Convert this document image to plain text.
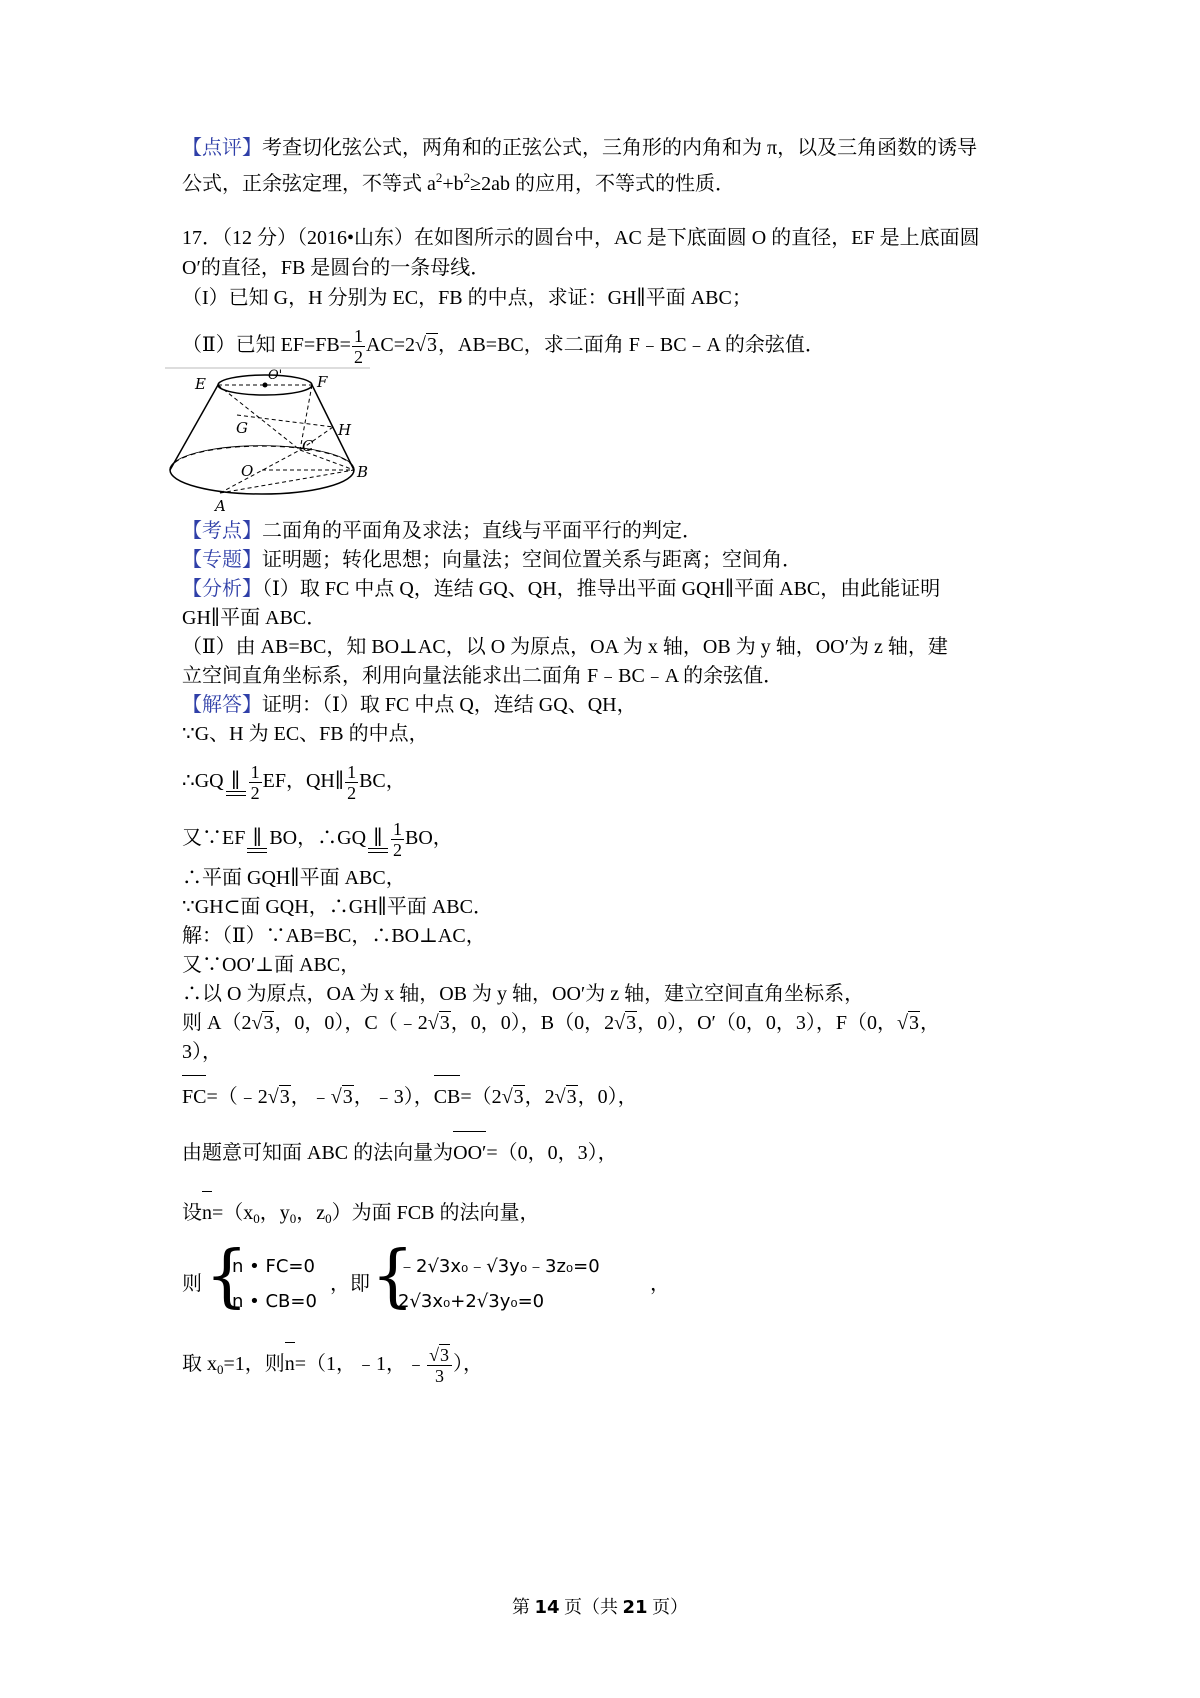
【点评】考查切化弦公式，两角和的正弦公式，三角形的内角和为 π，以及三角函数的诱导
公式，正余弦定理，不等式 $a^2+b^2\ge 2ab$ 的应用，不等式的性质．
17．（12 分）（2016•山东）在如图所示的圆台中，AC 是下底面圆 O 的直径，EF 是上底面圆
O′的直径，FB 是圆台的一条母线．
（I）已知 G，H 分别为 EC，FB 的中点，求证：GH∥平面 ABC；
（Ⅱ）已知 $EF=FB= \frac{1}{2} AC=2√3$，AB=BC，求二面角 F﹣BC﹣A 的余弦值．
E	O' F
G	H
C
O	B
A
【考点】二面角的平面角及求法；直线与平面平行的判定．
【专题】证明题；转化思想；向量法；空间位置关系与距离；空间角．
【分析】（Ⅰ）取 FC 中点 Q，连结 GQ、QH，推导出平面 GQH∥平面 ABC，由此能证明
GH∥平面 ABC．
（Ⅱ）由 AB=BC，知 BO⊥AC，以 O 为原点，OA 为 x 轴，OB 为 y 轴，OO′为 z 轴，建
立空间直角坐标系，利用向量法能求出二面角 F﹣BC﹣A 的余弦值．
【解答】证明：（Ⅰ）取 FC 中点 Q，连结 GQ、QH，
∵G、H 为 EC、FB 的中点，
∴GQ ∥ $\frac{1}{2}$ EF，QH∥ $\frac{1}{2}$ BC，
又∵EF ∥ BO，∴GQ ∥ $\frac{1}{2}$ BO，
∴平面 GQH∥平面 ABC，
∵GH⊂面 GQH，∴GH∥平面 ABC．
解：（Ⅱ）∵AB=BC，∴BO⊥AC，
又∵OO′⊥面 ABC，
∴以 O 为原点，OA 为 x 轴，OB 为 y 轴，OO′为 z 轴，建立空间直角坐标系，
则 A（2√3，0，0），C（﹣2√3，0，0），B（0，2√3，0），O′（0，0，3），F（0，√3，
3），
FC
=（﹣2√3，﹣√3，﹣3），CB
=（2√3，2√3，0），
由题意可知面 ABC 的法向量为OO′
=（0，0，3），
设n
$=(x_0$，$y_0$，$z_0$）为面 FCB 的法向量，
则 {
n • FC=0
n • CB=0
，即 {
﹣2√3x₀﹣√3y₀﹣3z₀=0
2√3x₀+2√3y₀=0
，
取 $x_0=1$，则n
=（1，﹣1，﹣ $\frac{√3}{3}$ ），
第 14 页（共 21 页）
